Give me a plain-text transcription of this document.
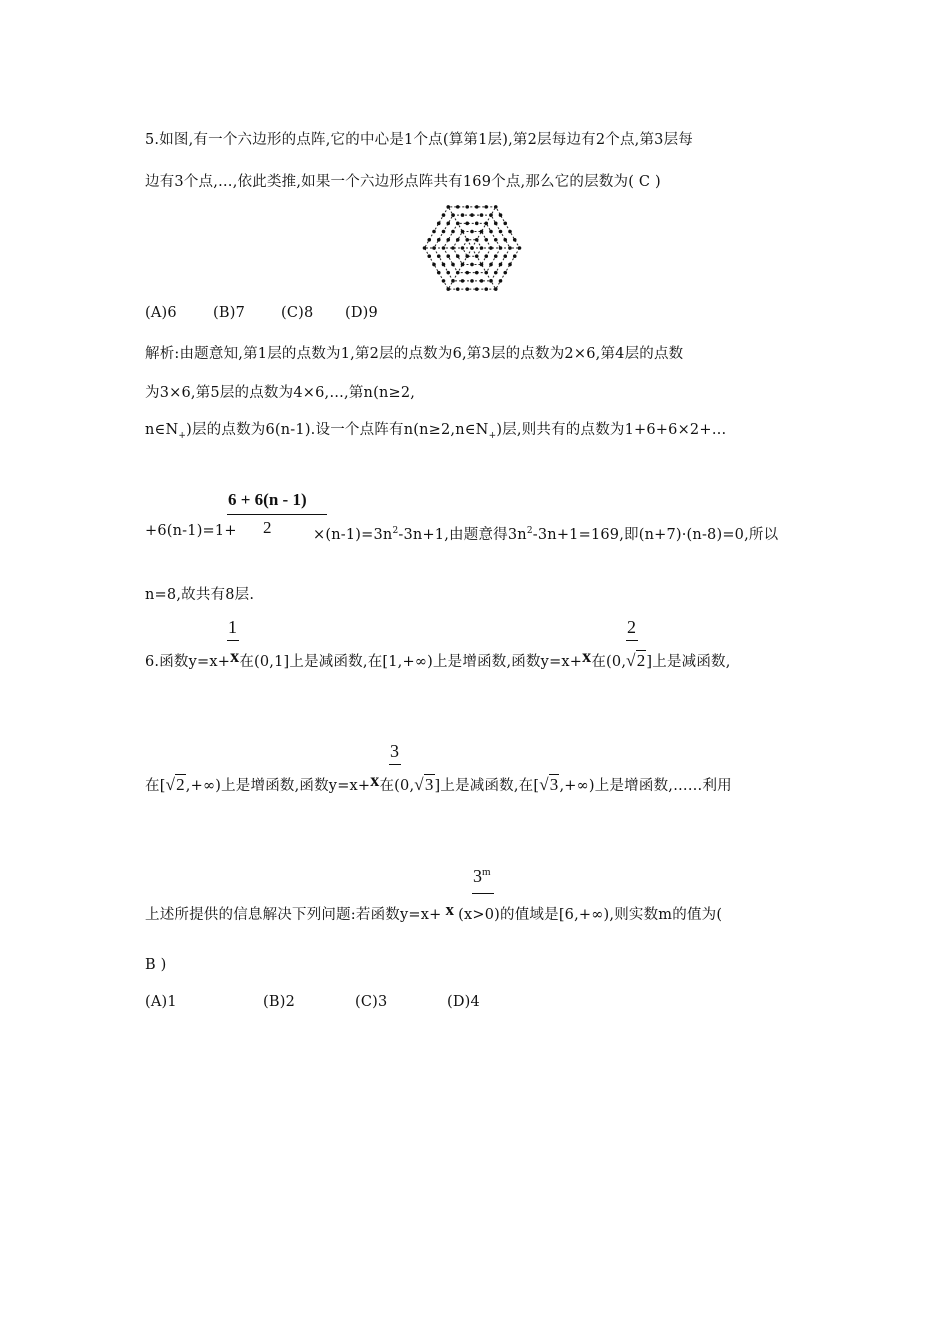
5.如图,有一个六边形的点阵,它的中心是1个点(算第1层),第2层每边有2个点,第3层每
边有3个点,…,依此类推,如果一个六边形点阵共有169个点,那么它的层数为( C )
(A)6 (B)7 (C)8 (D)9
解析:由题意知,第1层的点数为1,第2层的点数为6,第3层的点数为2×6,第4层的点数
为3×6,第5层的点数为4×6,…,第n(n≥2,
$n\in N_+$)层的点数为6(n-1).设一个点阵有$n(n\ge 2,n\in N_+)$层,则共有的点数为1+6+6×2+…
6 + 6(n - 1)
2
+6(n-1)=1+	$\times(n-1)=3n^2-3n+1$,由题意得$3n^2-3n+1=169$,即(n+7)·(n-8)=0,所以
n=8,故共有8层.
1	2
6.函数y=x+x在(0,1]上是减函数,在[1,+∞)上是增函数,函数y=x+x在(0,√2]上是减函数,
3
在[√2,+∞)上是增函数,函数y=x+x在(0,√3]上是减函数,在[√3,+∞)上是增函数,……利用
3$^m$
上述所提供的信息解决下列问题:若函数y=x+ x (x>0)的值域是[6,+∞),则实数m的值为(
B )
(A)1	(B)2	(C)3	(D)4
